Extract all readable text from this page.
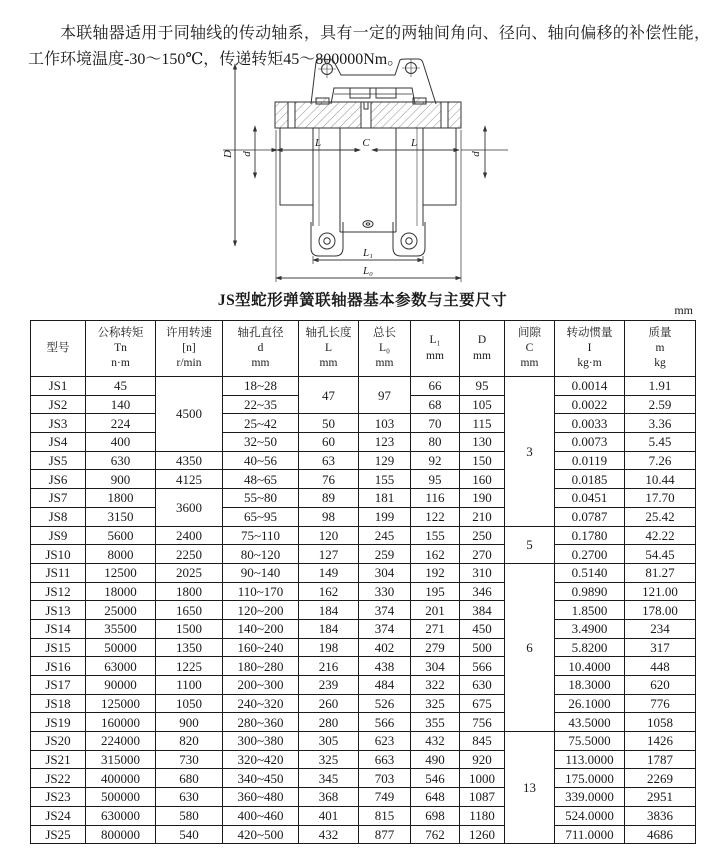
本联轴器适用于同轴线的传动轴系，具有一定的两轴间角向、径向、轴向偏移的补偿性能，工作环境温度-30～150℃，传递转矩45～800000Nm。

D d	d
L	C	L
L₁
L₀
JS型蛇形弹簧联轴器基本参数与主要尺寸
mm
型号

公称转矩
Tn
n·m

许用转速
[n]
r/min

轴孔直径
d
mm

轴孔长度
L
mm

总长
L₀
mm

L₁
mm

D
mm

间隙
C
mm

转动惯量
I
kg·m

质量
m
kg

JS1	45	4500	18~28	47	97	66	95	3	0.0014	1.91
JS2	140		22~35			68	105		0.0022	2.59
JS3	224		25~42	50	103	70	115		0.0033	3.36
JS4	400		32~50	60	123	80	130		0.0073	5.45
JS5	630	4350	40~56	63	129	92	150		0.0119	7.26
JS6	900	4125	48~65	76	155	95	160		0.0185	10.44
JS7	1800	3600	55~80	89	181	116	190		0.0451	17.70
JS8	3150		65~95	98	199	122	210		0.0787	25.42
JS9	5600	2400	75~110	120	245	155	250	5	0.1780	42.22
JS10	8000	2250	80~120	127	259	162	270		0.2700	54.45
JS11	12500	2025	90~140	149	304	192	310	6	0.5140	81.27
JS12	18000	1800	110~170	162	330	195	346		0.9890	121.00
JS13	25000	1650	120~200	184	374	201	384		1.8500	178.00
JS14	35500	1500	140~200	184	374	271	450		3.4900	234
JS15	50000	1350	160~240	198	402	279	500		5.8200	317
JS16	63000	1225	180~280	216	438	304	566		10.4000	448
JS17	90000	1100	200~300	239	484	322	630		18.3000	620
JS18	125000	1050	240~320	260	526	325	675		26.1000	776
JS19	160000	900	280~360	280	566	355	756		43.5000	1058
JS20	224000	820	300~380	305	623	432	845	13	75.5000	1426
JS21	315000	730	320~420	325	663	490	920		113.0000	1787
JS22	400000	680	340~450	345	703	546	1000		175.0000	2269
JS23	500000	630	360~480	368	749	648	1087		339.0000	2951
JS24	630000	580	400~460	401	815	698	1180		524.0000	3836
JS25	800000	540	420~500	432	877	762	1260		711.0000	4686
